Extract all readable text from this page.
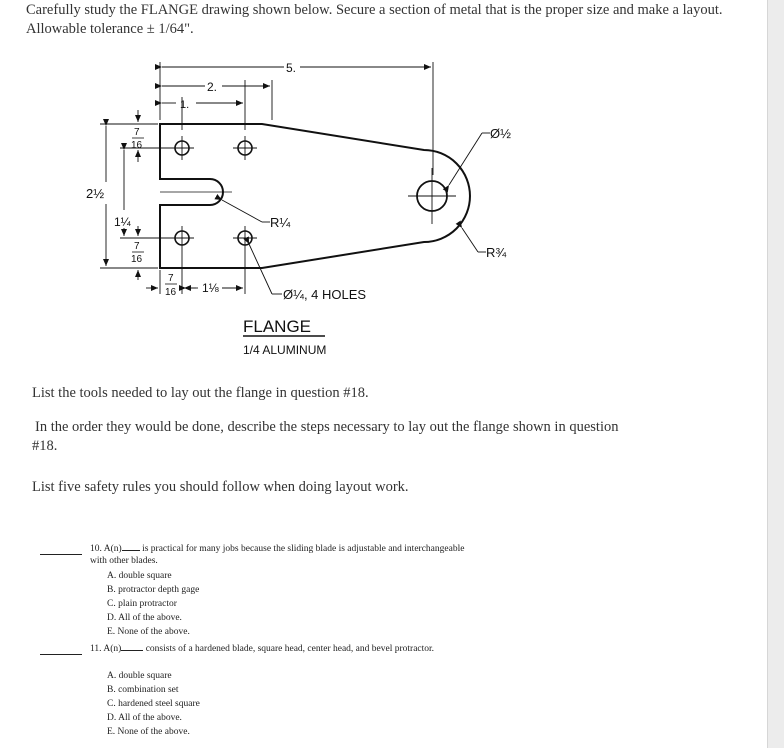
Carefully study the FLANGE drawing shown below. Secure a section of metal that is the proper size and make a layout. Allowable tolerance ± 1/64".
5.
2.
1.
2½
7
16
1¼
7
16
7
16 1⅛
Ø½
R¼
R¾
Ø¼, 4 HOLES
FLANGE
1/4 ALUMINUM
List the tools needed to lay out the flange in question #18.
In the order they would be done, describe the steps necessary to lay out the flange shown in question #18.
List five safety rules you should follow when doing layout work.
10. A(n) is practical for many jobs because the sliding blade is adjustable and interchangeable with other blades.
A. double square
B. protractor depth gage
C. plain protractor
D. All of the above.
E. None of the above.
11. A(n)	consists of a hardened blade, square head, center head, and bevel protractor.
A. double square
B. combination set
C. hardened steel square
D. All of the above.
E. None of the above.
